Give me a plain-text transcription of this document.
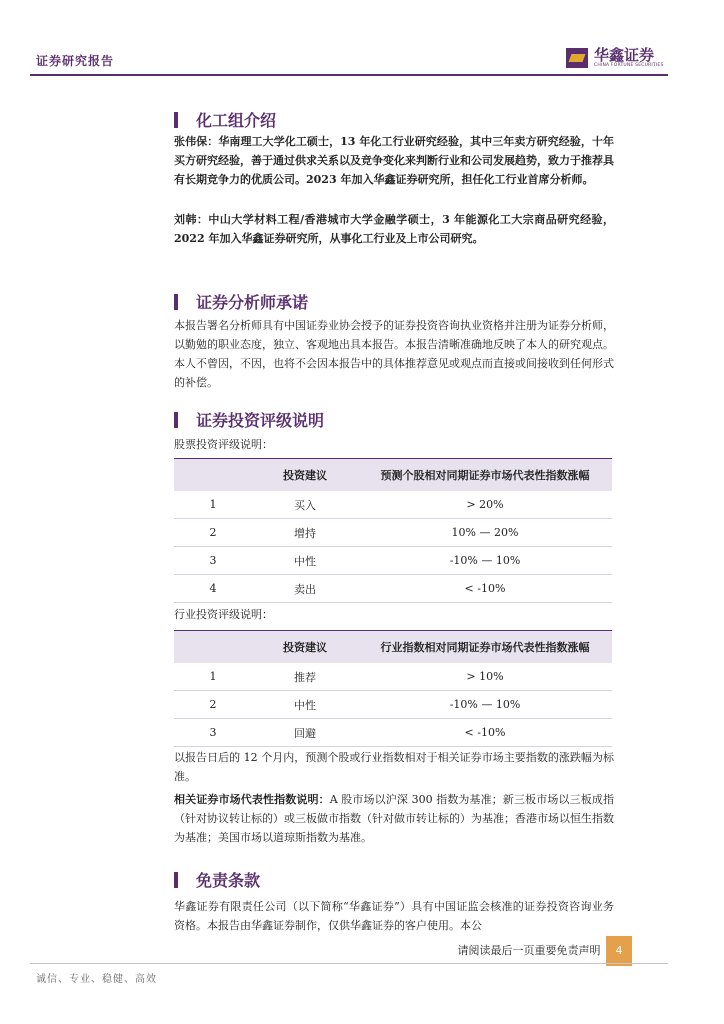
证券研究报告	华鑫证券
CHINA FORTUNE SECURITIES
化工组介绍
张伟保：华南理工大学化工硕士，13 年化工行业研究经验，其中三年卖方研究经验，十年买方研究经验，善于通过供求关系以及竞争变化来判断行业和公司发展趋势，致力于推荐具有长期竞争力的优质公司。2023 年加入华鑫证券研究所，担任化工行业首席分析师。
刘韩：中山大学材料工程/香港城市大学金融学硕士，3 年能源化工大宗商品研究经验，2022 年加入华鑫证券研究所，从事化工行业及上市公司研究。
证券分析师承诺
本报告署名分析师具有中国证券业协会授予的证券投资咨询执业资格并注册为证券分析师，以勤勉的职业态度，独立、客观地出具本报告。本报告清晰准确地反映了本人的研究观点。本人不曾因，不因，也将不会因本报告中的具体推荐意见或观点而直接或间接收到任何形式的补偿。
证券投资评级说明
股票投资评级说明：
	投资建议	预测个股相对同期证券市场代表性指数涨幅
1	买入	> 20%
2	增持	10% — 20%
3	中性	-10% — 10%
4	卖出	< -10%
行业投资评级说明：
	投资建议	行业指数相对同期证券市场代表性指数涨幅
1	推荐	> 10%
2	中性	-10% — 10%
3	回避	< -10%
以报告日后的 12 个月内，预测个股或行业指数相对于相关证券市场主要指数的涨跌幅为标准。
相关证券市场代表性指数说明：A 股市场以沪深 300 指数为基准；新三板市场以三板成指（针对协议转让标的）或三板做市指数（针对做市转让标的）为基准；香港市场以恒生指数为基准；美国市场以道琼斯指数为基准。
免责条款
华鑫证券有限责任公司（以下简称“华鑫证券”）具有中国证监会核准的证券投资咨询业务资格。本报告由华鑫证券制作，仅供华鑫证券的客户使用。本公
请阅读最后一页重要免责声明	4
诚信、专业、稳健、高效
